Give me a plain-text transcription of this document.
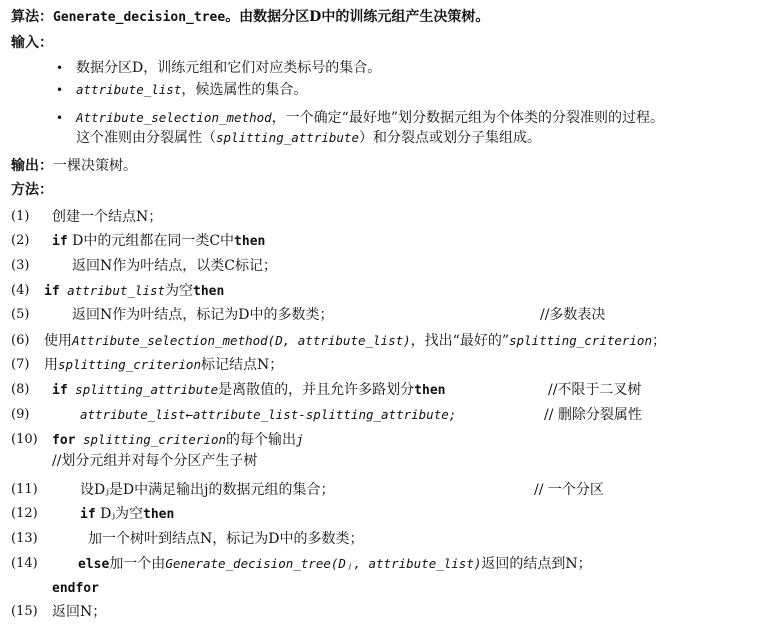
算法：Generate_decision_tree。由数据分区D中的训练元组产生决策树。
输入：
• 数据分区D，训练元组和它们对应类标号的集合。
• attribute_list，候选属性的集合。
• Attribute_selection_method，一个确定“最好地”划分数据元组为个体类的分裂准则的过程。
这个准则由分裂属性（splitting_attribute）和分裂点或划分子集组成。
输出：一棵决策树。
方法：
(1)	创建一个结点N；
(2)	if D中的元组都在同一类C中then
(3)	返回N作为叶结点，以类C标记；
(4)	if attribut_list为空then
(5)	返回N作为叶结点，标记为D中的多数类；	//多数表决
(6)	使用Attribute_selection_method(D, attribute_list)，找出“最好的”splitting_criterion；
(7)	用splitting_criterion标记结点N；
(8)	if splitting_attribute是离散值的，并且允许多路划分then	//不限于二叉树
(9)	attribute_list←attribute_list-splitting_attribute;	// 删除分裂属性
(10)	for splitting_criterion的每个输出j
//划分元组并对每个分区产生子树
(11)	设Dⱼ是D中满足输出j的数据元组的集合；	// 一个分区
(12)	if Dⱼ为空then
(13)	加一个树叶到结点N，标记为D中的多数类；
(14)	else加一个由Generate_decision_tree(Dⱼ, attribute_list)返回的结点到N；
endfor
(15)	返回N；
